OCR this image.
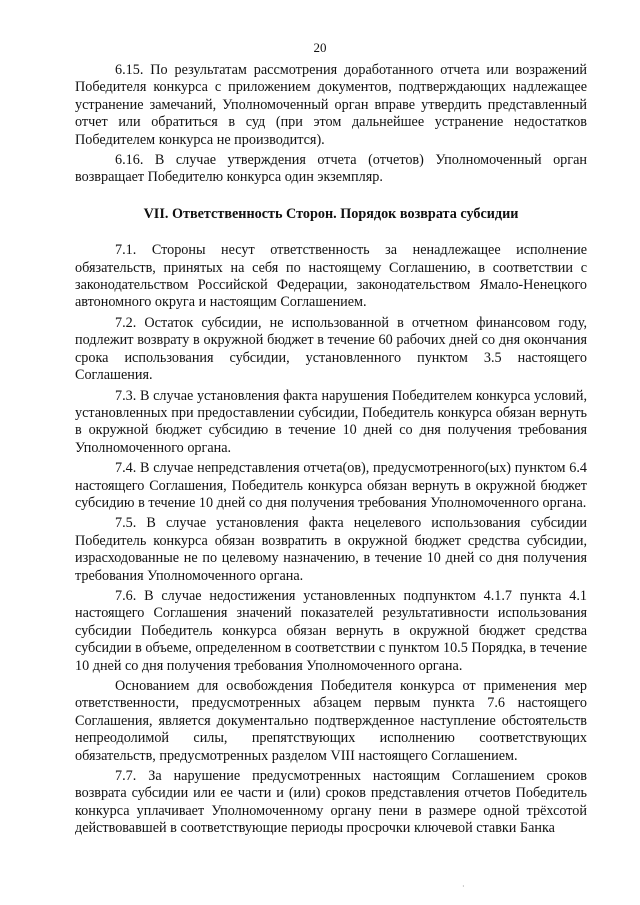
20

6.15. По результатам рассмотрения доработанного отчета или возражений Победителя конкурса с приложением документов, подтверждающих надлежащее устранение замечаний, Уполномоченный орган вправе утвердить представленный отчет или обратиться в суд (при этом дальнейшее устранение недостатков Победителем конкурса не производится).

6.16. В случае утверждения отчета (отчетов) Уполномоченный орган возвращает Победителю конкурса один экземпляр.

VII. Ответственность Сторон. Порядок возврата субсидии

7.1. Стороны несут ответственность за ненадлежащее исполнение обязательств, принятых на себя по настоящему Соглашению, в соответствии с законодательством Российской Федерации, законодательством Ямало-Ненецкого автономного округа и настоящим Соглашением.

7.2. Остаток субсидии, не использованной в отчетном финансовом году, подлежит возврату в окружной бюджет в течение 60 рабочих дней со дня окончания срока использования субсидии, установленного пунктом 3.5 настоящего Соглашения.

7.3. В случае установления факта нарушения Победителем конкурса условий, установленных при предоставлении субсидии, Победитель конкурса обязан вернуть в окружной бюджет субсидию в течение 10 дней со дня получения требования Уполномоченного органа.

7.4. В случае непредставления отчета(ов), предусмотренного(ых) пунктом 6.4 настоящего Соглашения, Победитель конкурса обязан вернуть в окружной бюджет субсидию в течение 10 дней со дня получения требования Уполномоченного органа.

7.5. В случае установления факта нецелевого использования субсидии Победитель конкурса обязан возвратить в окружной бюджет средства субсидии, израсходованные не по целевому назначению, в течение 10 дней со дня получения требования Уполномоченного органа.

7.6. В случае недостижения установленных подпунктом 4.1.7 пункта 4.1 настоящего Соглашения значений показателей результативности использования субсидии Победитель конкурса обязан вернуть в окружной бюджет средства субсидии в объеме, определенном в соответствии с пунктом 10.5 Порядка, в течение 10 дней со дня получения требования Уполномоченного органа.

Основанием для освобождения Победителя конкурса от применения мер ответственности, предусмотренных абзацем первым пункта 7.6 настоящего Соглашения, является документально подтвержденное наступление обстоятельств непреодолимой силы, препятствующих исполнению соответствующих обязательств, предусмотренных разделом VIII настоящего Соглашением.

7.7. За нарушение предусмотренных настоящим Соглашением сроков возврата субсидии или ее части и (или) сроков представления отчетов Победитель конкурса уплачивает Уполномоченному органу пени в размере одной трёхсотой действовавшей в соответствующие периоды просрочки ключевой ставки Банка

·
